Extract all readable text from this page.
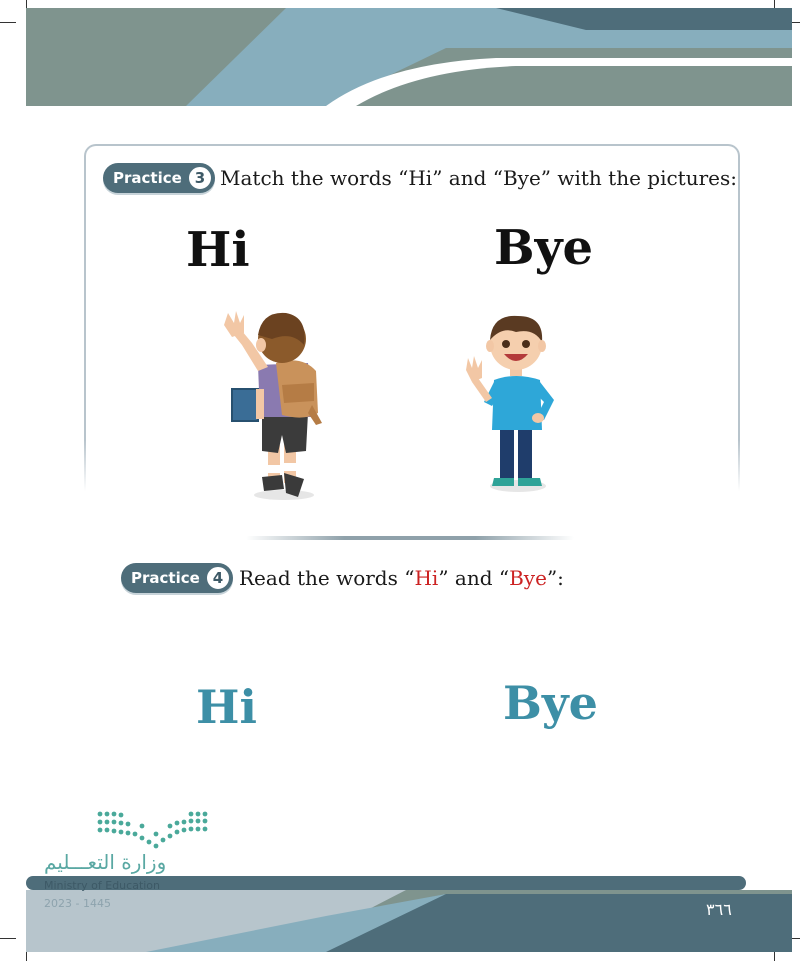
Practice 3 Match the words “Hi” and “Bye” with the pictures:
Hi	Bye
Practice 4 Read the words “Hi” and “Bye”:
Hi	Bye
وزارة التعـــليم
Ministry of Education
2023 - 1445	٣٦٦
